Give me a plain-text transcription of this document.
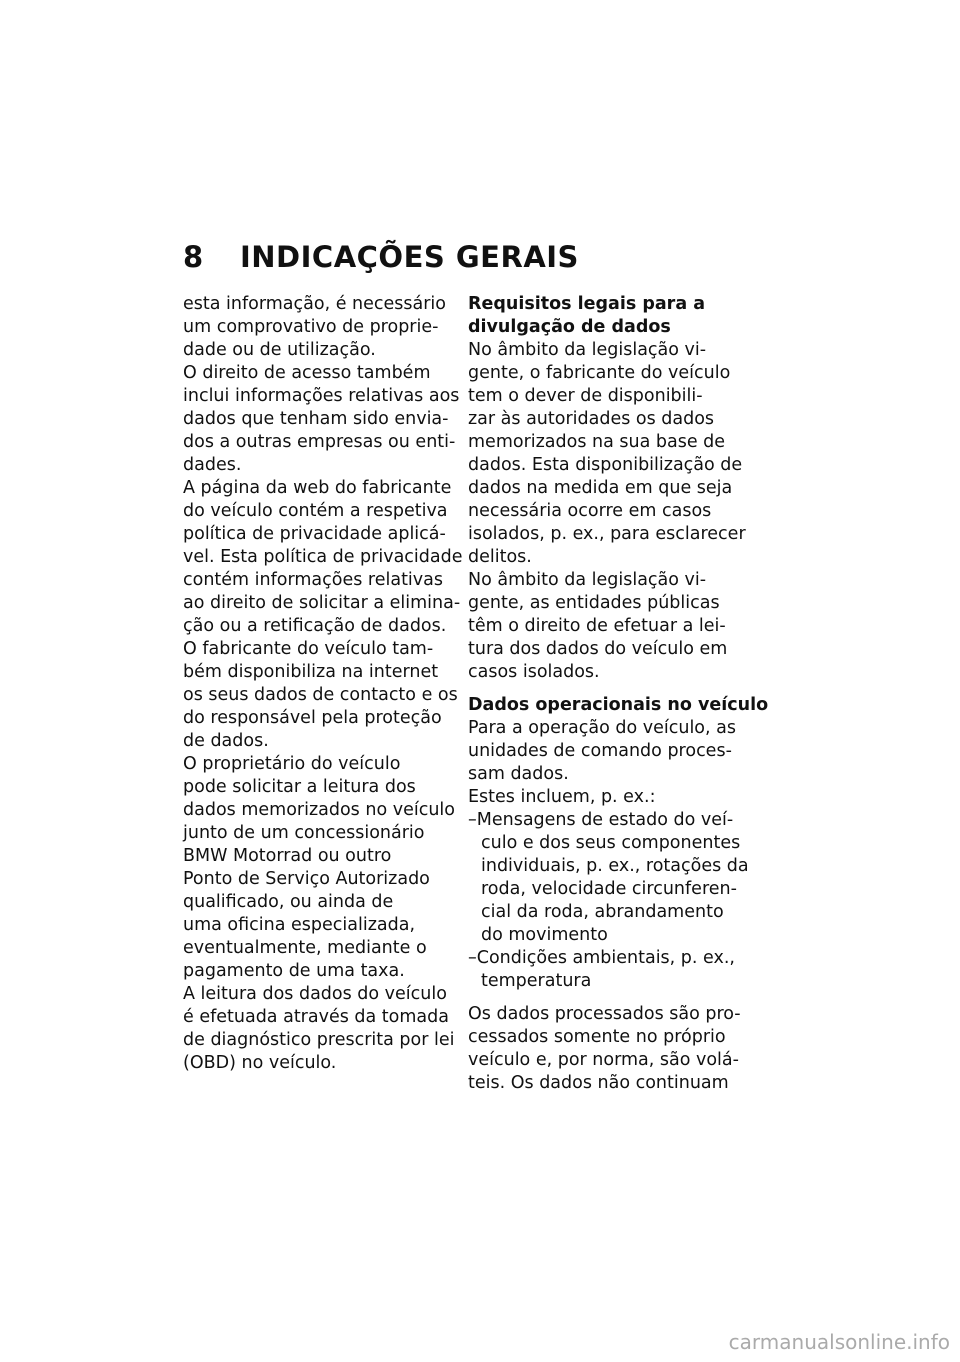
8 INDICAÇÕES GERAIS
esta informação, é necessário
um comprovativo de proprie-
dade ou de utilização.
O direito de acesso também
inclui informações relativas aos
dados que tenham sido envia-
dos a outras empresas ou enti-
dades.
A página da web do fabricante
do veículo contém a respetiva
política de privacidade aplicá-
vel. Esta política de privacidade
contém informações relativas
ao direito de solicitar a elimina-
ção ou a retificação de dados.
O fabricante do veículo tam-
bém disponibiliza na internet
os seus dados de contacto e os
do responsável pela proteção
de dados.
O proprietário do veículo
pode solicitar a leitura dos
dados memorizados no veículo
junto de um concessionário
BMW Motorrad ou outro
Ponto de Serviço Autorizado
qualificado, ou ainda de
uma oficina especializada,
eventualmente, mediante o
pagamento de uma taxa.
A leitura dos dados do veículo
é efetuada através da tomada
de diagnóstico prescrita por lei
(OBD) no veículo.
Requisitos legais para a
divulgação de dados
No âmbito da legislação vi-
gente, o fabricante do veículo
tem o dever de disponibili-
zar às autoridades os dados
memorizados na sua base de
dados. Esta disponibilização de
dados na medida em que seja
necessária ocorre em casos
isolados, p. ex., para esclarecer
delitos.
No âmbito da legislação vi-
gente, as entidades públicas
têm o direito de efetuar a lei-
tura dos dados do veículo em
casos isolados.
Dados operacionais no veículo
Para a operação do veículo, as
unidades de comando proces-
sam dados.
Estes incluem, p. ex.:
–Mensagens de estado do veí-
culo e dos seus componentes
individuais, p. ex., rotações da
roda, velocidade circunferen-
cial da roda, abrandamento
do movimento
–Condições ambientais, p. ex.,
temperatura
Os dados processados são pro-
cessados somente no próprio
veículo e, por norma, são volá-
teis. Os dados não continuam
carmanualsonline.info
